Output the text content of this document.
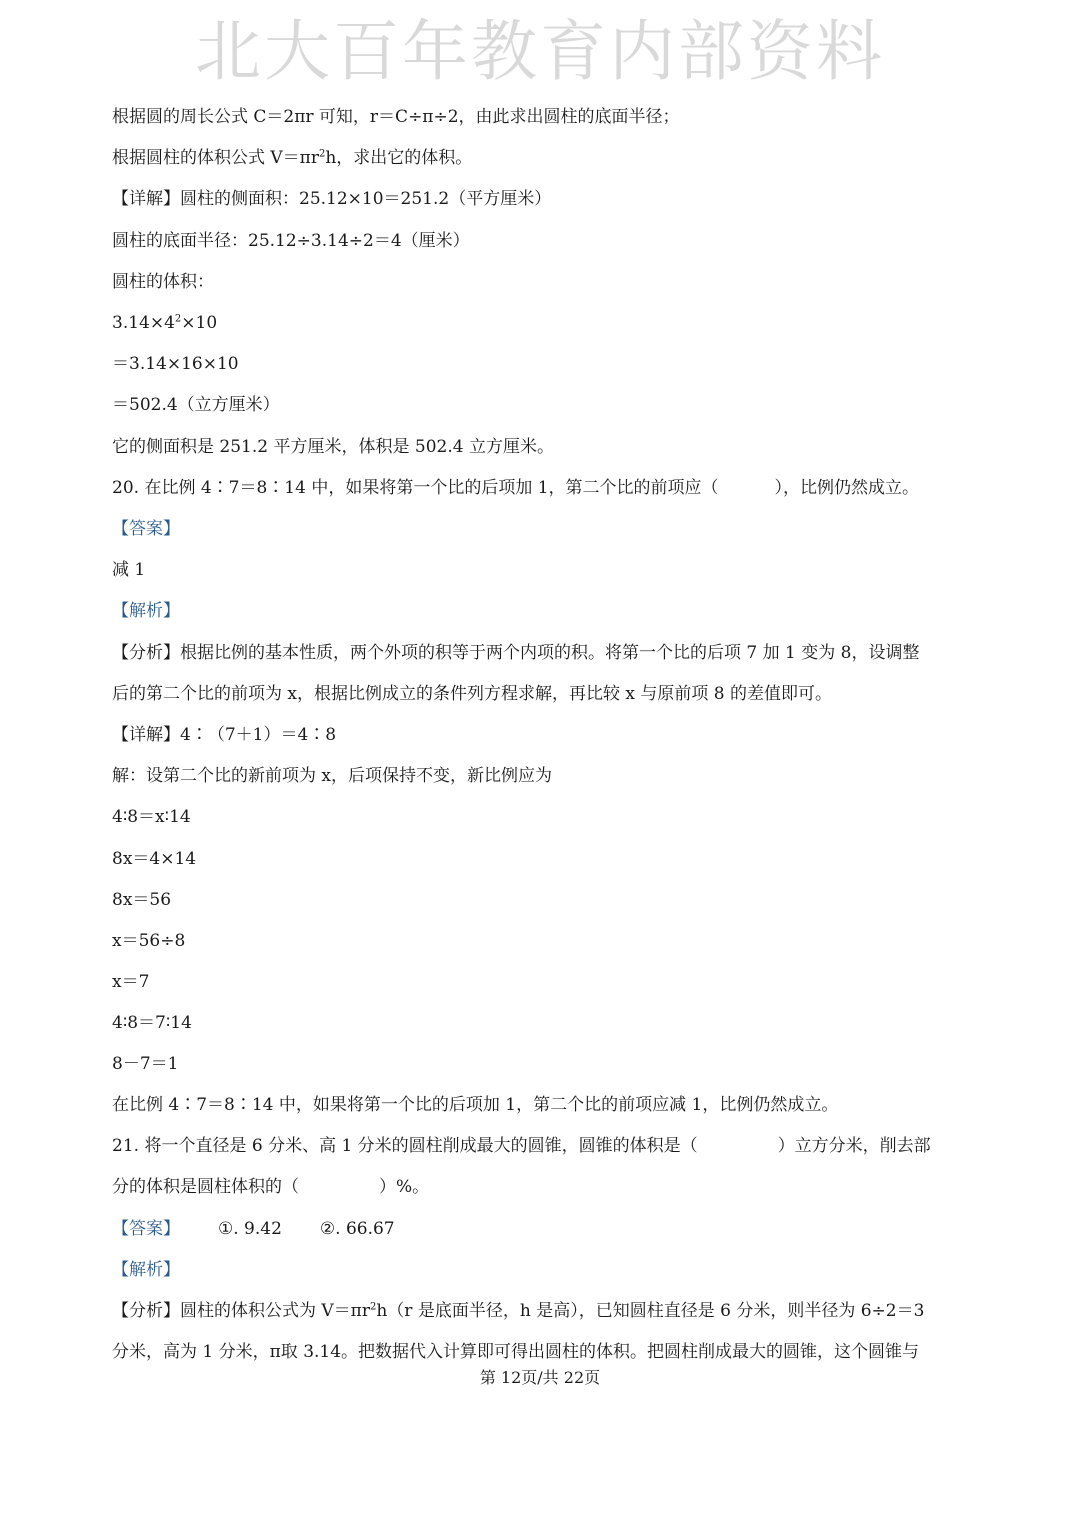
北大百年教育内部资料
根据圆的周长公式 C＝2πr 可知，r＝C÷π÷2，由此求出圆柱的底面半径；
根据圆柱的体积公式 $V=\pi r^2h$，求出它的体积。
【详解】圆柱的侧面积：25.12×10＝251.2（平方厘米）
圆柱的底面半径：25.12÷3.14÷2＝4（厘米）
圆柱的体积：
$3.14\times 4^2\times 10$
＝3.14×16×10
＝502.4（立方厘米）
它的侧面积是 251.2 平方厘米，体积是 502.4 立方厘米。
20. 在比例 4∶7＝8∶14 中，如果将第一个比的后项加 1，第二个比的前项应（	），比例仍然成立。
【答案】
减 1
【解析】
【分析】根据比例的基本性质，两个外项的积等于两个内项的积。将第一个比的后项 7 加 1 变为 8，设调整
后的第二个比的前项为 x，根据比例成立的条件列方程求解，再比较 x 与原前项 8 的差值即可。
【详解】4∶（7＋1）＝4∶8
解：设第二个比的新前项为 x，后项保持不变，新比例应为
4∶8＝x∶14
8x＝4×14
8x＝56
x＝56÷8
x＝7
4∶8＝7∶14
8－7＝1
在比例 4∶7＝8∶14 中，如果将第一个比的后项加 1，第二个比的前项应减 1，比例仍然成立。
21. 将一个直径是 6 分米、高 1 分米的圆柱削成最大的圆锥，圆锥的体积是（	）立方分米，削去部
分的体积是圆柱体积的（	）%。
【答案】 ①. 9.42 ②. 66.67
【解析】
【分析】圆柱的体积公式为 $V=\pi r^2h(r$ 是底面半径，h 是高），已知圆柱直径是 6 分米，则半径为 6÷2＝3
分米，高为 1 分米，π取 3.14。把数据代入计算即可得出圆柱的体积。把圆柱削成最大的圆锥，这个圆锥与
第 12页/共 22页
